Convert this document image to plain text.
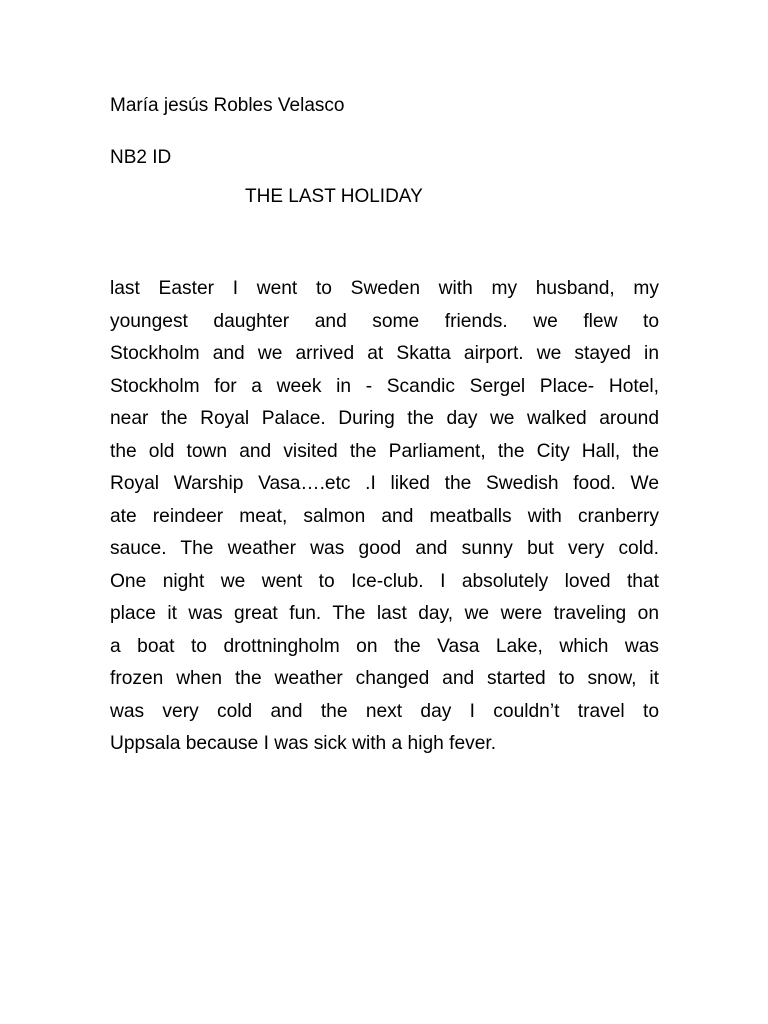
María jesús Robles Velasco
NB2 ID
THE LAST HOLIDAY

last Easter I went to Sweden with my husband, my
youngest daughter and some friends. we flew to
Stockholm and we arrived at Skatta airport. we stayed in
Stockholm for a week in - Scandic Sergel Place- Hotel,
near the Royal Palace. During the day we walked around
the old town and visited the Parliament, the City Hall, the
Royal Warship Vasa….etc .I liked the Swedish food. We
ate reindeer meat, salmon and meatballs with cranberry
sauce. The weather was good and sunny but very cold.
One night we went to Ice-club. I absolutely loved that
place it was great fun. The last day, we were traveling on
a boat to drottningholm on the Vasa Lake, which was
frozen when the weather changed and started to snow, it
was very cold and the next day I couldn’t travel to
Uppsala because I was sick with a high fever.
